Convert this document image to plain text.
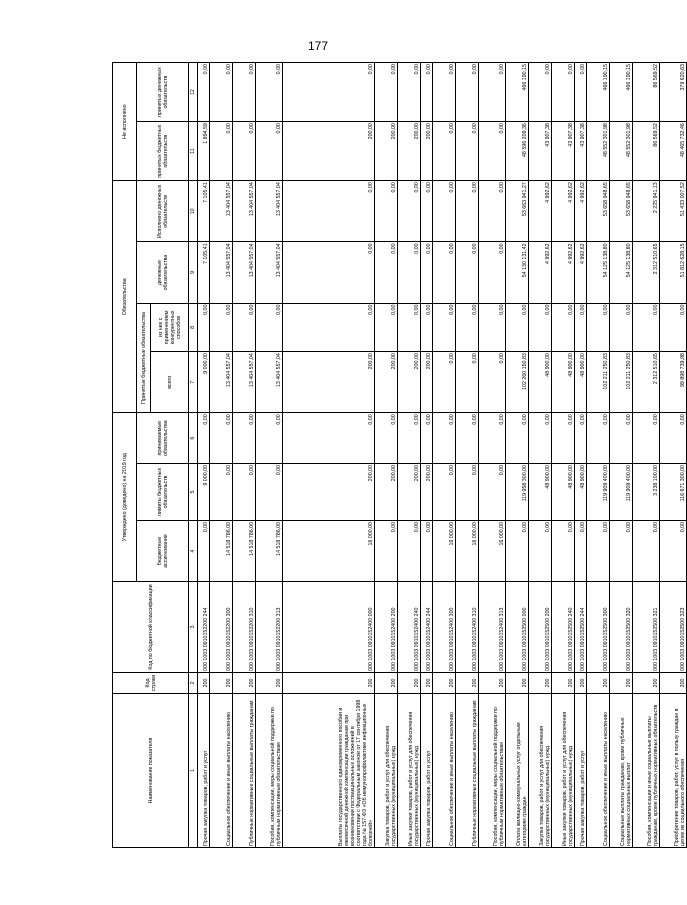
177
Наименование показателя	Код строки	Код по бюджетной классификации	Утверждено (доведено) на 2019 год			Обязательства				Не исполнено	
			бюджетные ассигнования	лимиты бюджетных обязательств	принимаемые обязательства	Принятые бюджетные обязательства		денежные обязательства	Исполнено денежных обязательств	принятых бюджетных обязательств	принятых денежных обязательств
						всего	из них с применением конкурентных способов				
1	2	3	4	5	6	7	8	9	10	11	12
Прочая закупка товаров, работ и услуг	200	000 1003 0910152200 244	0,00	9 000,00	0,00	9 000,00	0,00	7 105,41	7 105,41	1 894,59	0,00
Социальное обеспечение и иные выплаты населению	200	000 1003 0910152200 300	14 518 786,00	0,00	0,00	13 404 557,04	0,00	13 404 557,04	13 404 557,04	0,00	0,00
Публичные нормативные социальные выплаты гражданам	200	000 1003 0910152200 310	14 518 786,00	0,00	0,00	13 404 557,04	0,00	13 404 557,04	13 404 557,04	0,00	0,00
Пособия, компенсации, меры социальной поддержки по публичным нормативным обязательствам	200	000 1003 0910152200 313	14 518 786,00	0,00	0,00	13 404 557,04	0,00	13 404 557,04	13 404 557,04	0,00	0,00
Выплаты государственного единовременного пособия и ежемесячной денежной компенсации гражданам при возникновении поствакцинальных осложнений в соответствии с Федеральным законом от 17 сентября 1998 года № 157-ФЗ «Об иммунопрофилактике инфекционных болезней»	200	000 1003 0910152400 000	16 000,00	200,00	0,00	200,00	0,00	0,00	0,00	200,00	0,00
Закупка товаров, работ и услуг для обеспечения государственных (муниципальных) нужд	200	000 1003 0910152400 200	0,00	200,00	0,00	200,00	0,00	0,00	0,00	200,00	0,00
Иные закупки товаров, работ и услуг для обеспечения государственных (муниципальных) нужд	200	000 1003 0910152400 240	0,00	200,00	0,00	200,00	0,00	0,00	0,00	200,00	0,00
Прочая закупка товаров, работ и услуг	200	000 1003 0910152400 244	0,00	200,00	0,00	200,00	0,00	0,00	0,00	200,00	0,00
Социальное обеспечение и иные выплаты населению	200	000 1003 0910152400 300	16 000,00	0,00	0,00	0,00	0,00	0,00	0,00	0,00	0,00
Публичные нормативные социальные выплаты гражданам	200	000 1003 0910152400 310	16 000,00	0,00	0,00	0,00	0,00	0,00	0,00	0,00	0,00
Пособия, компенсации, меры социальной поддержки по публичным нормативным обязательствам	200	000 1003 0910152400 313	16 000,00	0,00	0,00	0,00	0,00	0,00	0,00	0,00	0,00
Оплата жилищно-коммунальных услуг отдельным категориям граждан	200	000 1003 0910152500 000	0,00	119 958 300,00	0,00	102 260 150,83	0,00	54 130 131,42	53 663 941,27	48 596 209,36	466 190,15
Закупка товаров, работ и услуг для обеспечения государственных (муниципальных) нужд	200	000 1003 0910152500 200	0,00	48 900,00	0,00	48 900,00	0,00	4 992,62	4 992,62	43 907,38	0,00
Иные закупки товаров, работ и услуг для обеспечения государственных (муниципальных) нужд	200	000 1003 0910152500 240	0,00	48 900,00	0,00	48 900,00	0,00	4 992,62	4 992,62	43 907,38	0,00
Прочая закупка товаров, работ и услуг	200	000 1003 0910152500 244	0,00	48 900,00	0,00	48 900,00	0,00	4 992,62	4 992,62	43 907,38	0,00
Социальное обеспечение и иные выплаты населению	200	000 1003 0910152500 300	0,00	119 909 400,00	0,00	102 211 250,83	0,00	54 125 138,80	53 658 948,65	48 552 301,98	466 190,15
Социальные выплаты гражданам, кроме публичных нормативных социальных выплат	200	000 1003 0910152500 320	0,00	119 909 400,00	0,00	102 211 250,83	0,00	54 125 138,80	53 658 948,65	48 552 301,98	466 190,15
Пособия, компенсации и иные социальные выплаты гражданам, кроме публичных нормативных обязательств	200	000 1003 0910152500 321	0,00	3 238 100,00	0,00	2 312 510,65	0,00	2 312 510,65	2 225 941,13	86 569,52	86 569,52
Приобретение товаров, работ, услуг в пользу граждан в целях их социального обеспечения	200	000 1003 0910152500 323	0,00	116 671 300,00	0,00	99 898 739,98	0,00	51 812 628,15	51 433 007,52	48 465 732,46	379 620,63
